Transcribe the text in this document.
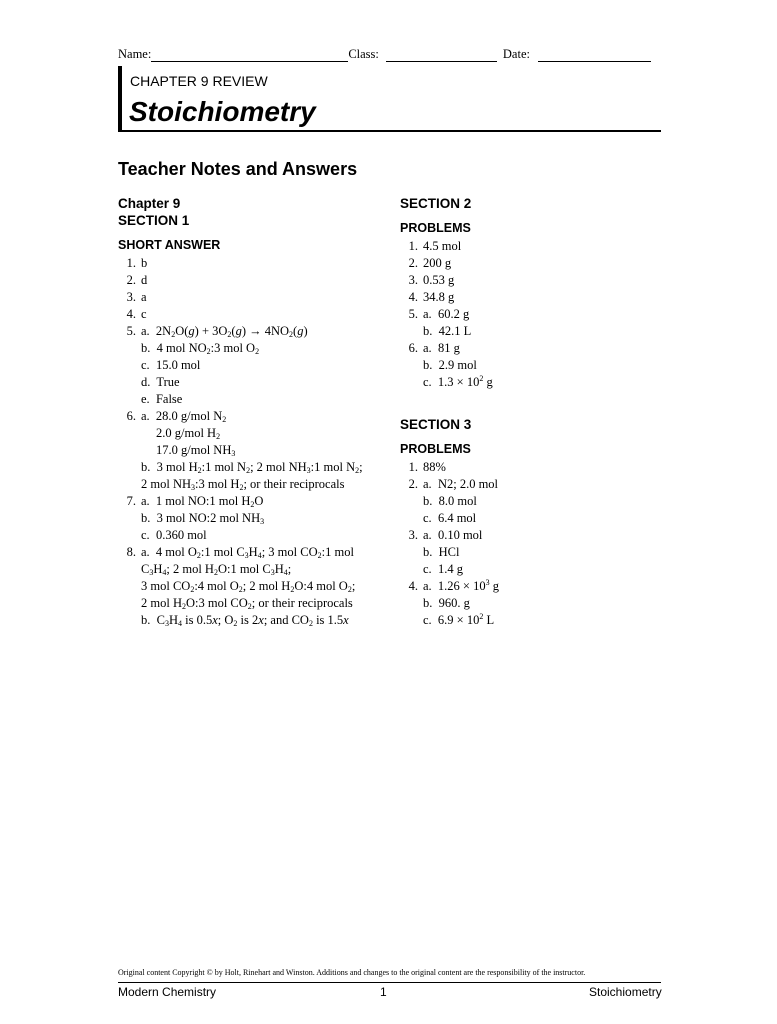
Name:	Class:	Date:
CHAPTER 9 REVIEW
Stoichiometry
Teacher Notes and Answers
Chapter 9
SECTION 1
SHORT ANSWER
1. b
2. d
3. a
4. c
5. a.  $2N_2O(g) + 3O_2(g) \to 4NO_2(g)$
b.  4 mol $NO_2:3$ mol $O_2$
c.  15.0 mol
d.  True
e.  False
6. a.  28.0 g/mol $N_2$
2.0 g/mol $H_2$
17.0 g/mol $NH_3$
b.  3 mol $H_2:1$ mol $N_2$; 2 mol $NH_3:1$ mol $N_2$;
2 mol $NH_3:3$ mol $H_2$; or their reciprocals
7. a.  1 mol NO:1 mol $H_2O$
b.  3 mol NO:2 mol $NH_3$
c.  0.360 mol
8. a.  4 mol $O_2:1$ mol $C_3H_4$; 3 mol $CO_2:1$ mol
$C_3H_4$; 2 mol $H_2O:1$ mol $C_3H_4$;
3 mol $CO_2:4$ mol $O_2$; 2 mol $H_2O:4$ mol $O_2$;
2 mol $H_2O:3$ mol $CO_2$; or their reciprocals
b.  $C_3H_4$ is 0.5x; $O_2$ is 2x; and $CO_2$ is 1.5x
SECTION 2
PROBLEMS
1. 4.5 mol
2. 200 g
3. 0.53 g
4. 34.8 g
5. a.  60.2 g
b.  42.1 L
6. a.  81 g
b.  2.9 mol
c.  $1.3 \times 10^2$ g
SECTION 3
PROBLEMS
1. 88%
2. a.  N2; 2.0 mol
b.  8.0 mol
c.  6.4 mol
3. a.  0.10 mol
b.  HCl
c.  1.4 g
4. a.  $1.26 \times 10^3$ g
b.  960. g
c.  $6.9 \times 10^2$ L
Original content Copyright © by Holt, Rinehart and Winston. Additions and changes to the original content are the responsibility of the instructor.
Modern Chemistry	1	Stoichiometry
